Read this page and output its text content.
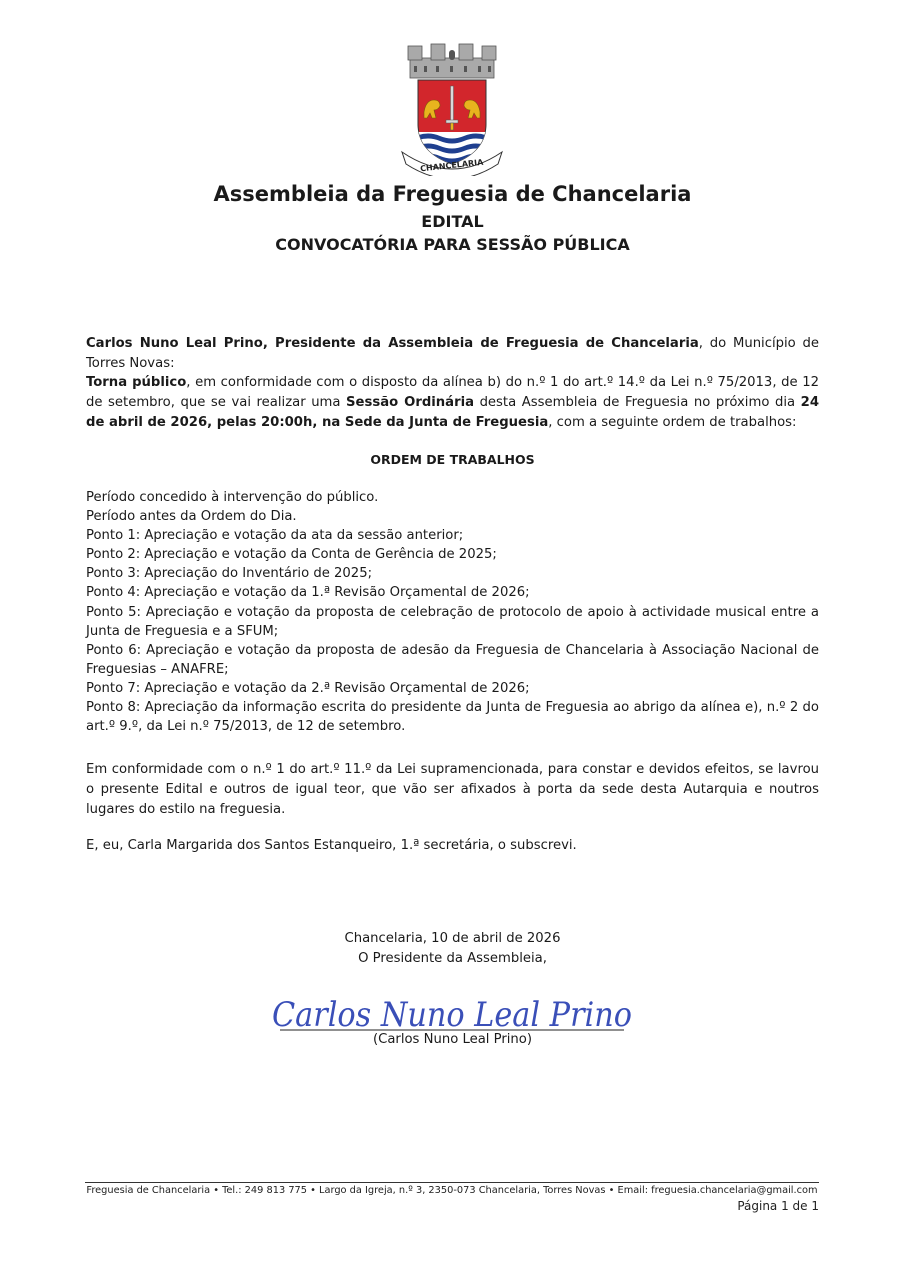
CHANCELARIA
Assembleia da Freguesia de Chancelaria
EDITAL
CONVOCATÓRIA PARA SESSÃO PÚBLICA
Carlos Nuno Leal Prino, Presidente da Assembleia de Freguesia de Chancelaria, do Município de Torres Novas:
Torna público, em conformidade com o disposto da alínea b) do n.º 1 do art.º 14.º da Lei n.º 75/2013, de 12 de setembro, que se vai realizar uma Sessão Ordinária desta Assembleia de Freguesia no próximo dia 24 de abril de 2026, pelas 20:00h, na Sede da Junta de Freguesia, com a seguinte ordem de trabalhos:
ORDEM DE TRABALHOS
Período concedido à intervenção do público.
Período antes da Ordem do Dia.
Ponto 1: Apreciação e votação da ata da sessão anterior;
Ponto 2: Apreciação e votação da Conta de Gerência de 2025;
Ponto 3: Apreciação do Inventário de 2025;
Ponto 4: Apreciação e votação da 1.ª Revisão Orçamental de 2026;
Ponto 5: Apreciação e votação da proposta de celebração de protocolo de apoio à actividade musical entre a Junta de Freguesia e a SFUM;
Ponto 6: Apreciação e votação da proposta de adesão da Freguesia de Chancelaria à Associação Nacional de Freguesias – ANAFRE;
Ponto 7: Apreciação e votação da 2.ª Revisão Orçamental de 2026;
Ponto 8: Apreciação da informação escrita do presidente da Junta de Freguesia ao abrigo da alínea e), n.º 2 do art.º 9.º, da Lei n.º 75/2013, de 12 de setembro.
Em conformidade com o n.º 1 do art.º 11.º da Lei supramencionada, para constar e devidos efeitos, se lavrou o presente Edital e outros de igual teor, que vão ser afixados à porta da sede desta Autarquia e noutros lugares do estilo na freguesia.
E, eu, Carla Margarida dos Santos Estanqueiro, 1.ª secretária, o subscrevi.
Chancelaria, 10 de abril de 2026
O Presidente da Assembleia,
Carlos Nuno Leal Prino
(Carlos Nuno Leal Prino)
Freguesia de Chancelaria • Tel.: 249 813 775 • Largo da Igreja, n.º 3, 2350-073 Chancelaria, Torres Novas • Email: freguesia.chancelaria@gmail.com
Página 1 de 1
